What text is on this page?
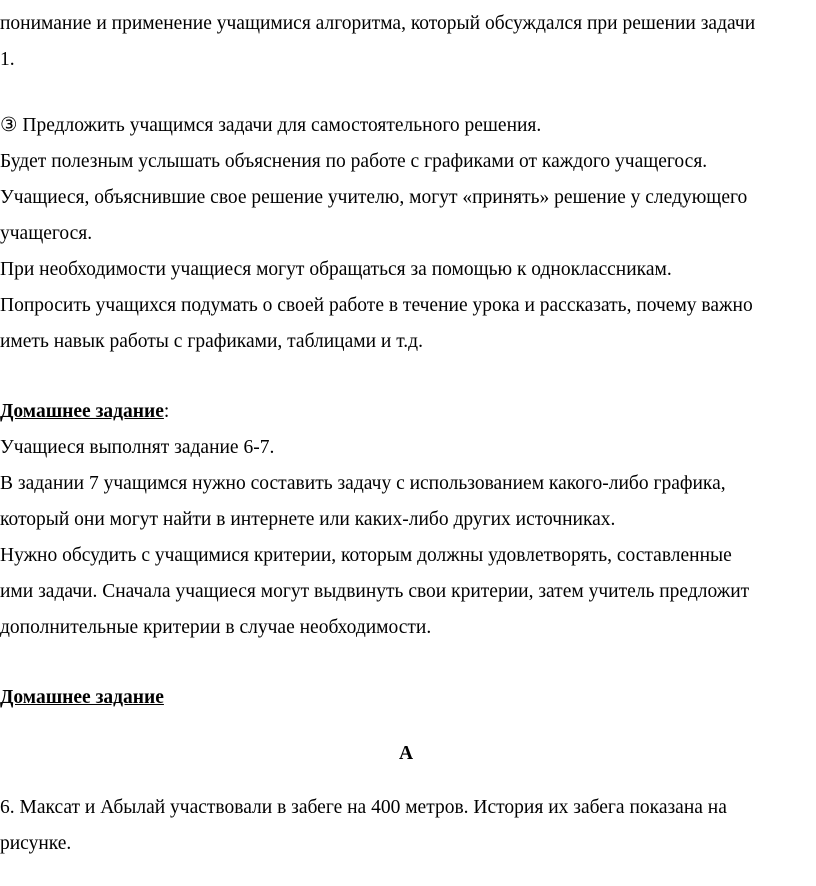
понимание и применение учащимися алгоритма, который обсуждался при решении задачи

1.

③ Предложить учащимся задачи для самостоятельного решения.

Будет полезным услышать объяснения по работе с графиками от каждого учащегося.

Учащиеся, объяснившие свое решение учителю, могут «принять» решение у следующего

учащегося.

При необходимости учащиеся могут обращаться за помощью к одноклассникам.

Попросить учащихся подумать о своей работе в течение урока и рассказать, почему важно

иметь навык работы с графиками, таблицами и т.д.

Домашнее задание:

Учащиеся выполнят задание 6-7.

В задании 7 учащимся нужно составить задачу с использованием какого-либо графика,

который они могут найти в интернете или каких-либо других источниках.

Нужно обсудить с учащимися критерии, которым должны удовлетворять, составленные

ими задачи. Сначала учащиеся могут выдвинуть свои критерии, затем учитель предложит

дополнительные критерии в случае необходимости.

Домашнее задание

А

6. Максат и Абылай участвовали в забеге на 400 метров. История их забега показана на

рисунке.
